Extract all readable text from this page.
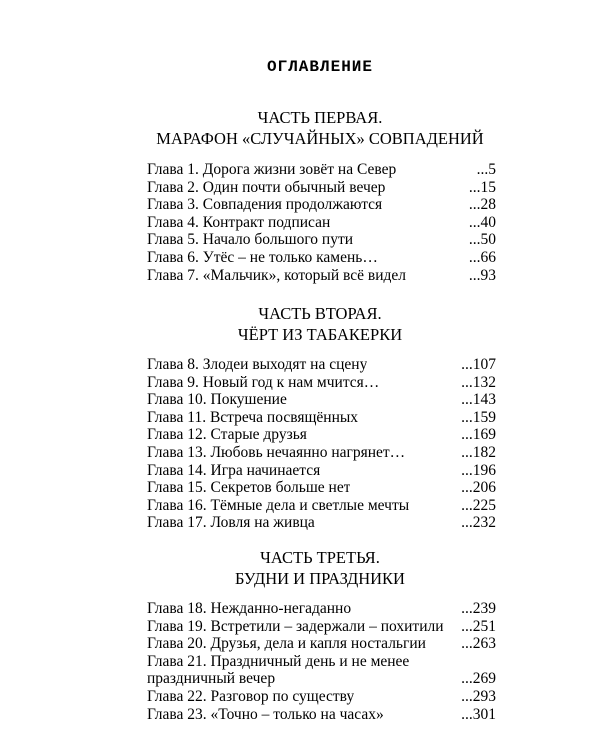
ОГЛАВЛЕНИЕ
ЧАСТЬ ПЕРВАЯ.
МАРАФОН «СЛУЧАЙНЫХ» СОВПАДЕНИЙ
Глава 1. Дорога жизни зовёт на Север	...5
Глава 2. Один почти обычный вечер	...15
Глава 3. Совпадения продолжаются	...28
Глава 4. Контракт подписан	...40
Глава 5. Начало большого пути	...50
Глава 6. Утёс – не только камень…	...66
Глава 7. «Мальчик», который всё видел	...93
ЧАСТЬ ВТОРАЯ.
ЧЁРТ ИЗ ТАБАКЕРКИ
Глава 8. Злодеи выходят на сцену	...107
Глава 9. Новый год к нам мчится…	...132
Глава 10. Покушение	...143
Глава 11. Встреча посвящённых	...159
Глава 12. Старые друзья	...169
Глава 13. Любовь нечаянно нагрянет…	...182
Глава 14. Игра начинается	...196
Глава 15. Секретов больше нет	...206
Глава 16. Тёмные дела и светлые мечты	...225
Глава 17. Ловля на живца	...232
ЧАСТЬ ТРЕТЬЯ.
БУДНИ И ПРАЗДНИКИ
Глава 18. Нежданно-негаданно	...239
Глава 19. Встретили – задержали – похитили	...251
Глава 20. Друзья, дела и капля ностальгии	...263
Глава 21. Праздничный день и не менее
праздничный вечер	...269
Глава 22. Разговор по существу	...293
Глава 23. «Точно – только на часах»	...301
